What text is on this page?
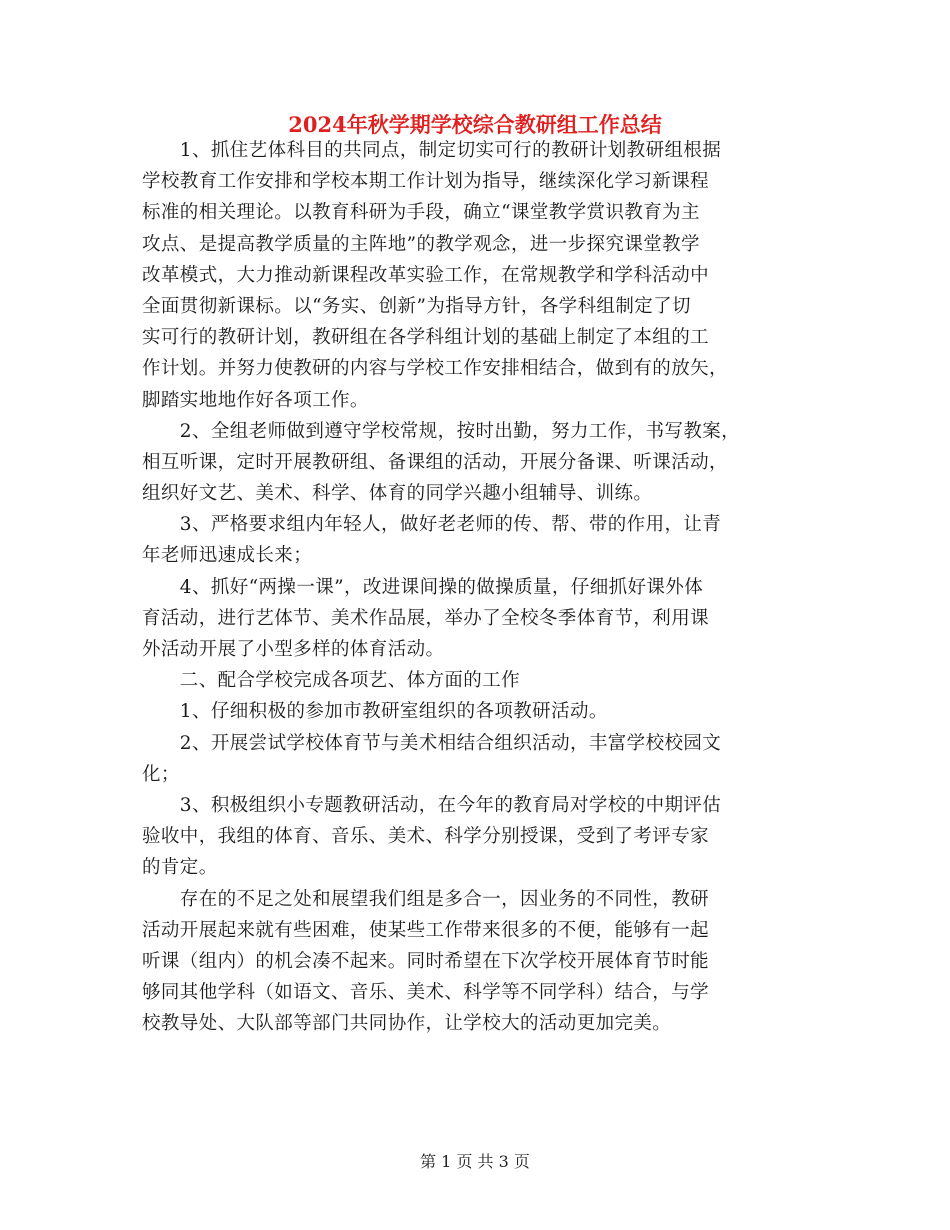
2024年秋学期学校综合教研组工作总结
　　1、抓住艺体科目的共同点，制定切实可行的教研计划教研组根据
学校教育工作安排和学校本期工作计划为指导，继续深化学习新课程
标准的相关理论。以教育科研为手段，确立“课堂教学赏识教育为主
攻点、是提高教学质量的主阵地”的教学观念，进一步探究课堂教学
改革模式，大力推动新课程改革实验工作，在常规教学和学科活动中
全面贯彻新课标。以“务实、创新”为指导方针，各学科组制定了切
实可行的教研计划，教研组在各学科组计划的基础上制定了本组的工
作计划。并努力使教研的内容与学校工作安排相结合，做到有的放矢，
脚踏实地地作好各项工作。
　　2、全组老师做到遵守学校常规，按时出勤，努力工作，书写教案，
相互听课，定时开展教研组、备课组的活动，开展分备课、听课活动，
组织好文艺、美术、科学、体育的同学兴趣小组辅导、训练。
　　3、严格要求组内年轻人，做好老老师的传、帮、带的作用，让青
年老师迅速成长来；
　　4、抓好“两操一课”，改进课间操的做操质量，仔细抓好课外体
育活动，进行艺体节、美术作品展，举办了全校冬季体育节，利用课
外活动开展了小型多样的体育活动。
　　二、配合学校完成各项艺、体方面的工作
　　1、仔细积极的参加市教研室组织的各项教研活动。
　　2、开展尝试学校体育节与美术相结合组织活动，丰富学校校园文
化；
　　3、积极组织小专题教研活动，在今年的教育局对学校的中期评估
验收中，我组的体育、音乐、美术、科学分别授课，受到了考评专家
的肯定。
　　存在的不足之处和展望我们组是多合一，因业务的不同性，教研
活动开展起来就有些困难，使某些工作带来很多的不便，能够有一起
听课（组内）的机会凑不起来。同时希望在下次学校开展体育节时能
够同其他学科（如语文、音乐、美术、科学等不同学科）结合，与学
校教导处、大队部等部门共同协作，让学校大的活动更加完美。
第 1 页 共 3 页
